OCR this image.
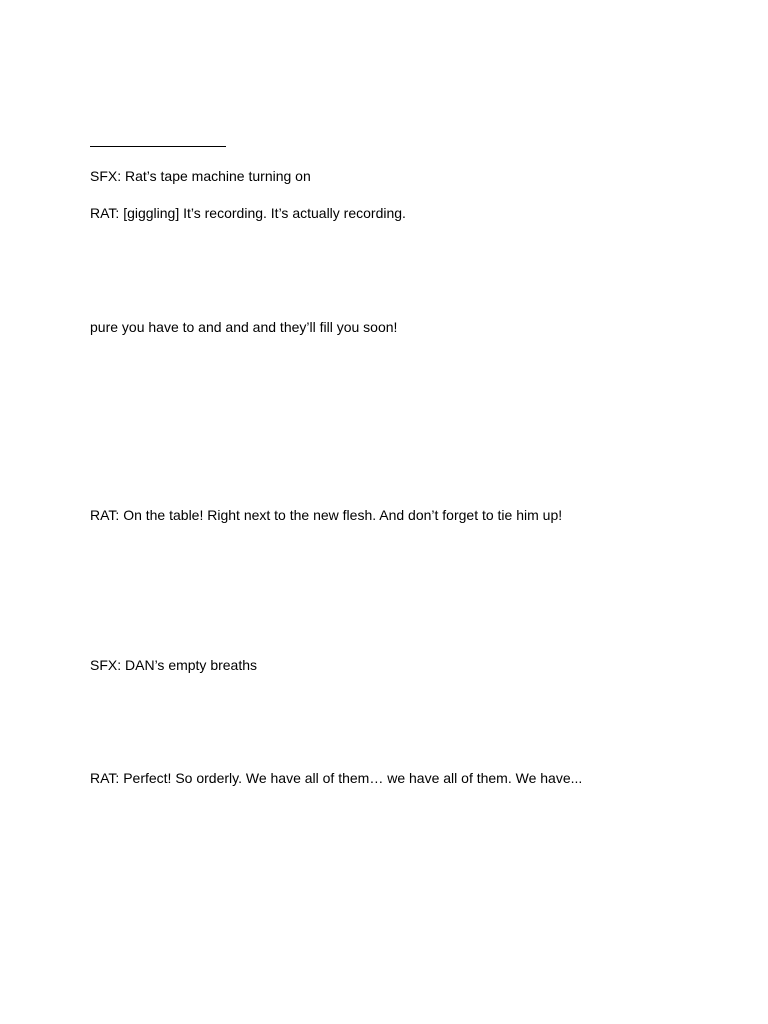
SFX: Rat’s tape machine turning on

RAT: [giggling] It’s recording. It’s actually recording.

pure you have to and and and they’ll fill you soon!

RAT: On the table! Right next to the new flesh. And don’t forget to tie him up!

SFX: DAN’s empty breaths

RAT: Perfect! So orderly. We have all of them… we have all of them. We have...
